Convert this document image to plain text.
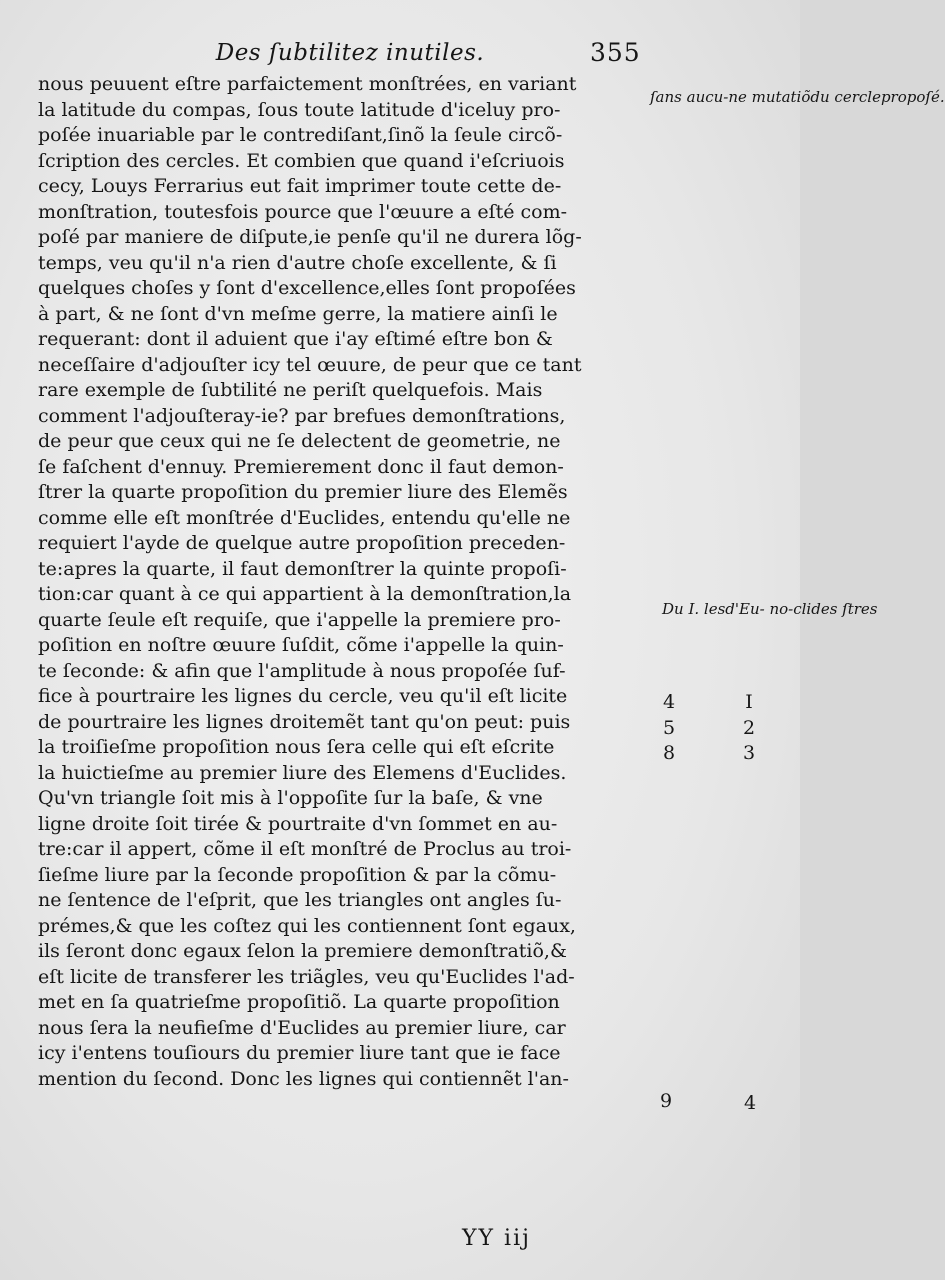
Des ſubtilitez inutiles.	355
nous peuuent eſtre parfaictement monſtrées, en variant
la latitude du compas, ſous toute latitude d'iceluy pro-
poſée inuariable par le contrediſant,ſinõ la ſeule circõ-
ſcription des cercles. Et combien que quand i'eſcriuois
cecy, Louys Ferrarius eut fait imprimer toute cette de-
monſtration, toutesfois pource que l'œuure a eſté com-
poſé par maniere de diſpute,ie penſe qu'il ne durera lõg-
temps, veu qu'il n'a rien d'autre choſe excellente, & ſi
quelques choſes y ſont d'excellence,elles ſont propoſées
à part, & ne ſont d'vn meſme gerre, la matiere ainſi le
requerant: dont il aduient que i'ay eſtimé eſtre bon &
neceſſaire d'adjouſter icy tel œuure, de peur que ce tant
rare exemple de ſubtilité ne periſt quelquefois. Mais
comment l'adjouſteray-ie? par brefues demonſtrations,
de peur que ceux qui ne ſe delectent de geometrie, ne
ſe faſchent d'ennuy. Premierement donc il faut demon-
ſtrer la quarte propoſition du premier liure des Elemẽs
comme elle eſt monſtrée d'Euclides, entendu qu'elle ne
requiert l'ayde de quelque autre propoſition preceden-
te:apres la quarte, il faut demonſtrer la quinte propoſi-
tion:car quant à ce qui appartient à la demonſtration,la
quarte ſeule eſt requiſe, que i'appelle la premiere pro-
poſition en noſtre œuure ſuſdit, cõme i'appelle la quin-
te ſeconde: & afin que l'amplitude à nous propoſée ſuf-
fice à pourtraire les lignes du cercle, veu qu'il eſt licite
de pourtraire les lignes droitemẽt tant qu'on peut: puis
la troiſieſme propoſition nous ſera celle qui eſt eſcrite
la huictieſme au premier liure des Elemens d'Euclides.
Qu'vn triangle ſoit mis à l'oppoſite ſur la baſe, & vne
ligne droite ſoit tirée & pourtraite d'vn ſommet en au-
tre:car il appert, cõme il eſt monſtré de Proclus au troi-
ſieſme liure par la ſeconde propoſition & par la cõmu-
ne ſentence de l'eſprit, que les triangles ont angles ſu-
prémes,& que les coſtez qui les contiennent ſont egaux,
ils ſeront donc egaux ſelon la premiere demonſtratiõ,&
eſt licite de transferer les triãgles, veu qu'Euclides l'ad-
met en ſa quatrieſme propoſitiõ. La quarte propoſition
nous ſera la neufieſme d'Euclides au premier liure, car
icy i'entens touſiours du premier liure tant que ie face
mention du ſecond. Donc les lignes qui contiennẽt l'an-
ſans aucu-ne mutatiõdu cerclepropoſé.
Du I. lesd'Eu- no-clides ſtres
4
5
8
I
2
3
9	4
YY iij
